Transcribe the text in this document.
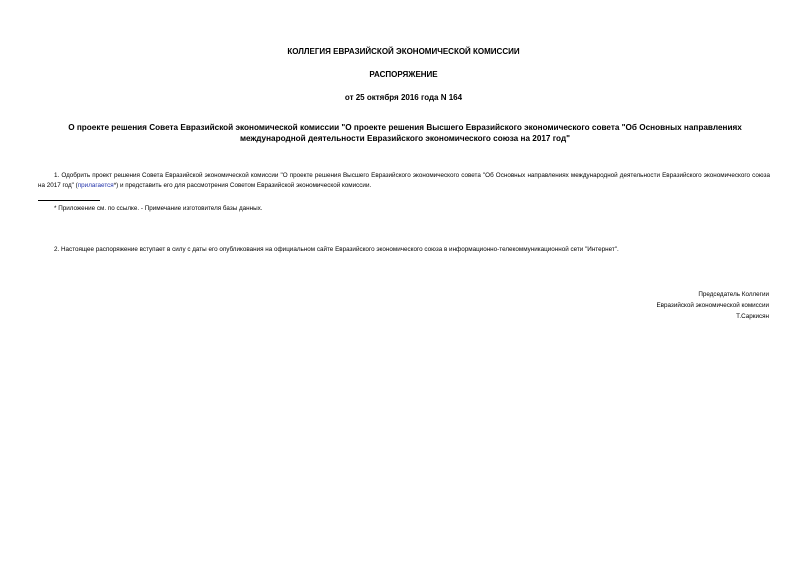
КОЛЛЕГИЯ ЕВРАЗИЙСКОЙ ЭКОНОМИЧЕСКОЙ КОМИССИИ
РАСПОРЯЖЕНИЕ
от 25 октября 2016 года N 164
О проекте решения Совета Евразийской экономической комиссии "О проекте решения Высшего Евразийского экономического совета "Об Основных направлениях международной деятельности Евразийского экономического союза на 2017 год"
1. Одобрить проект решения Совета Евразийской экономической комиссии "О проекте решения Высшего Евразийского экономического совета "Об Основных направлениях международной деятельности Евразийского экономического союза на 2017 год" (прилагается*) и представить его для рассмотрения Советом Евразийской экономической комиссии.
* Приложение см. по ссылке. - Примечание изготовителя базы данных.
2. Настоящее распоряжение вступает в силу с даты его опубликования на официальном сайте Евразийского экономического союза в информационно-телекоммуникационной сети "Интернет".
Председатель Коллегии
Евразийской экономической комиссии
Т.Саркисян
